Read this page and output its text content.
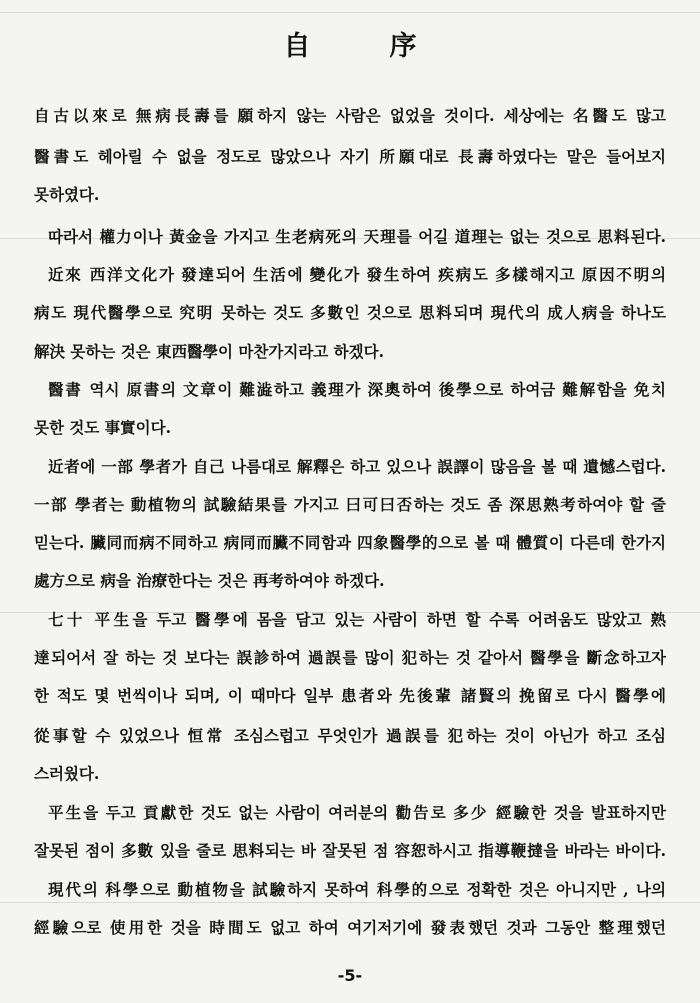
自　序
自古以來로 無病長壽를 願하지 않는 사람은 없었을 것이다. 세상에는 名醫도 많고
醫書도 헤아릴 수 없을 정도로 많았으나 자기 所願대로 長壽하였다는 말은 들어보지
못하였다.
따라서 權力이나 黃金을 가지고 生老病死의 天理를 어길 道理는 없는 것으로 思料된다.
近來 西洋文化가 發達되어 生活에 變化가 發生하여 疾病도 多樣해지고 原因不明의
病도 現代醫學으로 究明 못하는 것도 多數인 것으로 思料되며 現代의 成人病을 하나도
解決 못하는 것은 東西醫學이 마찬가지라고 하겠다.
醫書 역시 原書의 文章이 難澁하고 義理가 深奧하여 後學으로 하여금 難解함을 免치
못한 것도 事實이다.
近者에 一部 學者가 自己 나름대로 解釋은 하고 있으나 誤譯이 많음을 볼 때 遺憾스럽다.
一部 學者는 動植物의 試驗結果를 가지고 曰可曰否하는 것도 좀 深思熟考하여야 할 줄
믿는다. 臟同而病不同하고 病同而臟不同함과 四象醫學的으로 볼 때 體質이 다른데 한가지
處方으로 病을 治療한다는 것은 再考하여야 하겠다.
七十 平生을 두고 醫學에 몸을 담고 있는 사람이 하면 할 수록 어려움도 많았고 熟
達되어서 잘 하는 것 보다는 誤診하여 過誤를 많이 犯하는 것 같아서 醫學을 斷念하고자
한 적도 몇 번씩이나 되며, 이 때마다 일부 患者와 先後輩 諸賢의 挽留로 다시 醫學에
從事할 수 있었으나 恒常 조심스럽고 무엇인가 過誤를 犯하는 것이 아닌가 하고 조심
스러웠다.
平生을 두고 貢獻한 것도 없는 사람이 여러분의 勸告로 多少 經驗한 것을 발표하지만
잘못된 점이 多數 있을 줄로 思料되는 바 잘못된 점 容恕하시고 指導鞭撻을 바라는 바이다.
現代의 科學으로 動植物을 試驗하지 못하여 科學的으로 정확한 것은 아니지만 , 나의
經驗으로 使用한 것을 時間도 없고 하여 여기저기에 發表했던 것과 그동안 整理했던
-5-
